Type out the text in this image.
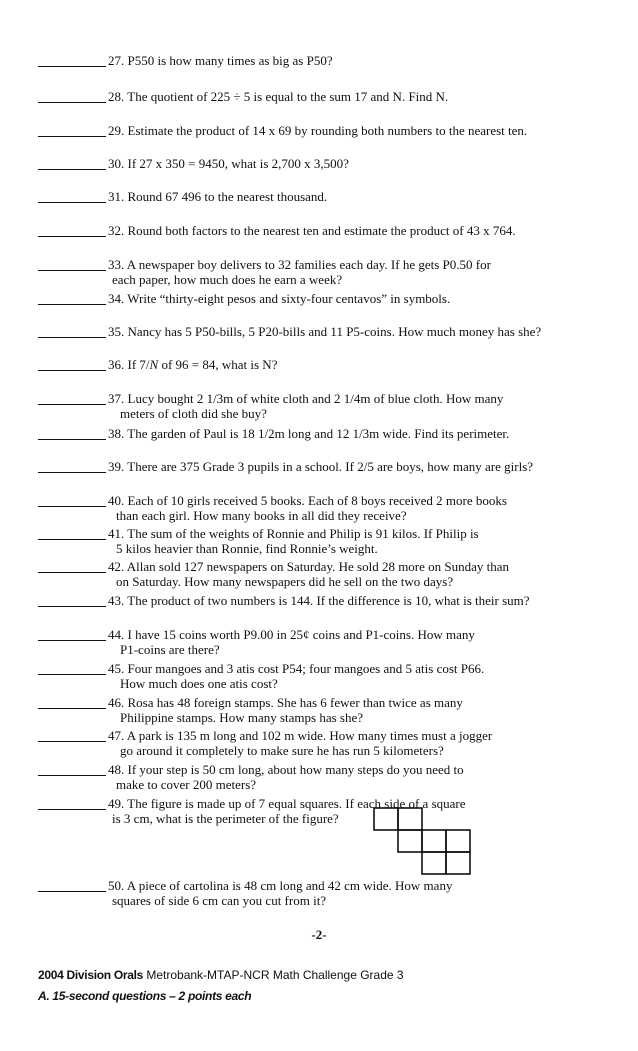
27. P550 is how many times as big as P50?
28. The quotient of 225 ÷ 5 is equal to the sum 17 and N. Find N.
29. Estimate the product of 14 x 69 by rounding both numbers to the nearest ten.
30. If 27 x 350 = 9450, what is 2,700 x 3,500?
31. Round 67 496 to the nearest thousand.
32. Round both factors to the nearest ten and estimate the product of 43 x 764.
33. A newspaper boy delivers to 32 families each day. If he gets P0.50 for
each paper, how much does he earn a week?
34. Write “thirty-eight pesos and sixty-four centavos” in symbols.
35. Nancy has 5 P50-bills, 5 P20-bills and 11 P5-coins. How much money has she?
36. If 7/N of 96 = 84, what is N?
37. Lucy bought 2 1/3m of white cloth and 2 1/4m of blue cloth. How many
meters of cloth did she buy?
38. The garden of Paul is 18 1/2m long and 12 1/3m wide. Find its perimeter.
39. There are 375 Grade 3 pupils in a school. If 2/5 are boys, how many are girls?
40. Each of 10 girls received 5 books. Each of 8 boys received 2 more books
than each girl. How many books in all did they receive?
41. The sum of the weights of Ronnie and Philip is 91 kilos. If Philip is
5 kilos heavier than Ronnie, find Ronnie’s weight.
42. Allan sold 127 newspapers on Saturday. He sold 28 more on Sunday than
on Saturday. How many newspapers did he sell on the two days?
43. The product of two numbers is 144. If the difference is 10, what is their sum?
44. I have 15 coins worth P9.00 in 25¢ coins and P1-coins. How many
P1-coins are there?
45. Four mangoes and 3 atis cost P54; four mangoes and 5 atis cost P66.
How much does one atis cost?
46. Rosa has 48 foreign stamps. She has 6 fewer than twice as many
Philippine stamps. How many stamps has she?
47. A park is 135 m long and 102 m wide. How many times must a jogger
go around it completely to make sure he has run 5 kilometers?
48. If your step is 50 cm long, about how many steps do you need to
make to cover 200 meters?
49. The figure is made up of 7 equal squares. If each side of a square
is 3 cm, what is the perimeter of the figure?
50. A piece of cartolina is 48 cm long and 42 cm wide. How many
squares of side 6 cm can you cut from it?
-2-
2004 Division Orals Metrobank-MTAP-NCR Math Challenge Grade 3
A. 15-second questions – 2 points each
